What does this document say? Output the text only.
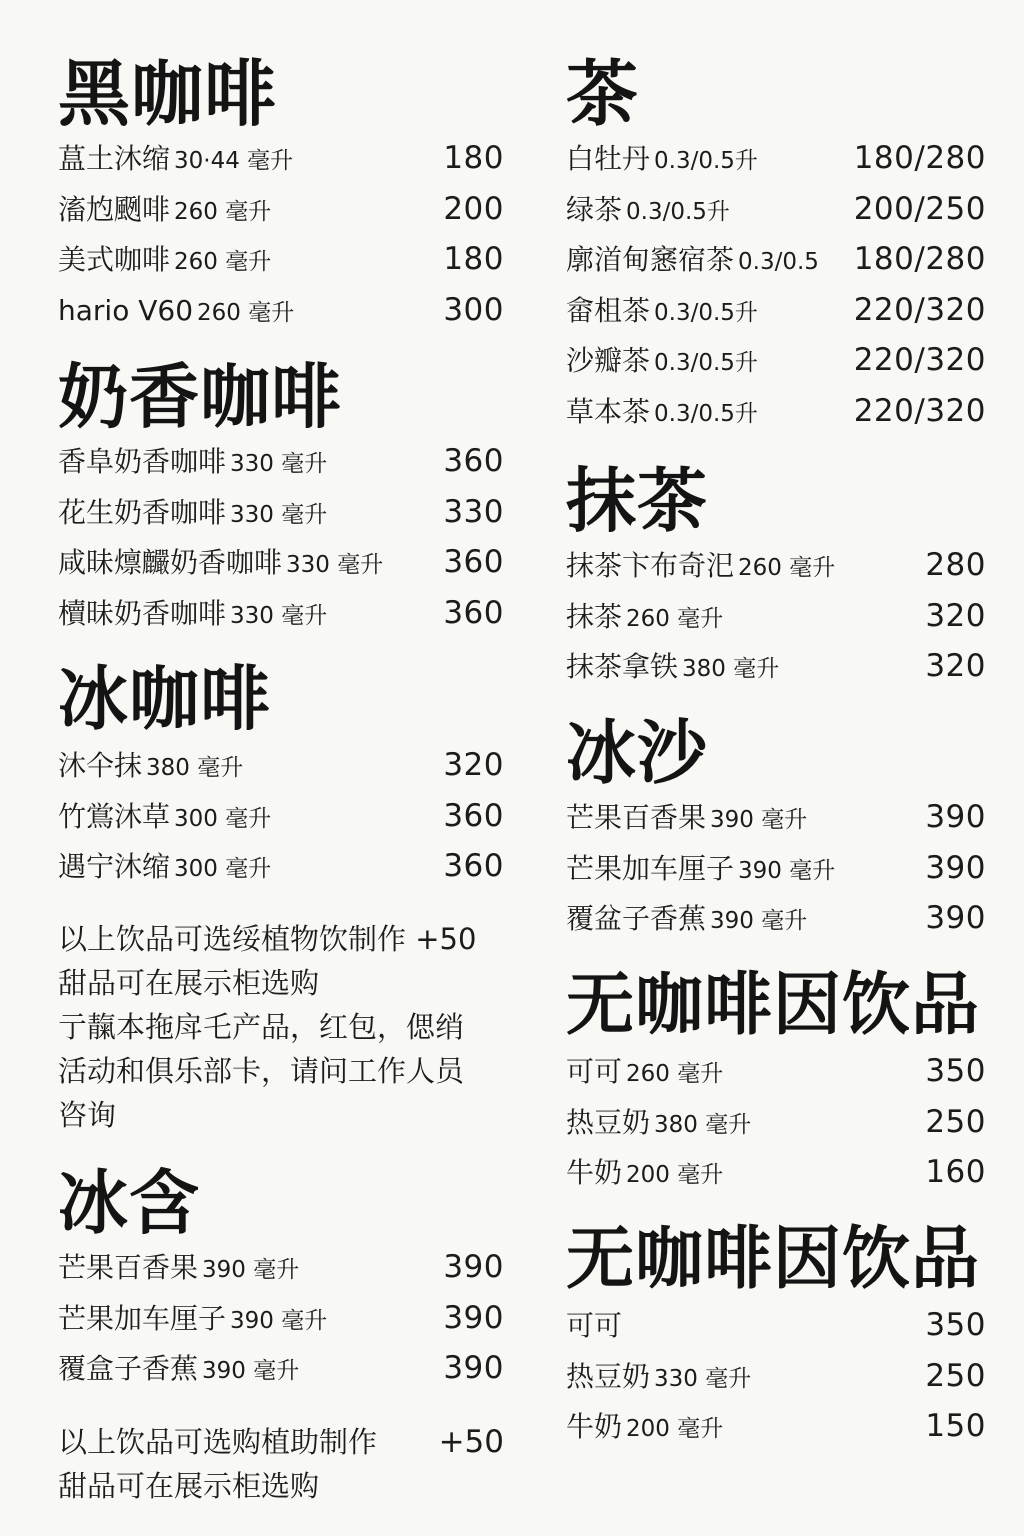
黑咖啡
蒀土沐缩 30·44 毫升	180
滀尥颲啡 260 毫升	200
美式咖啡 260 毫升	180
hario V60 260 毫升	300
奶香咖啡
香阜奶香咖啡 330 毫升	360
花生奶香咖啡 330 毫升	330
咸昧燷麣奶香咖啡 330 毫升 360
櫝昧奶香咖啡 330 毫升	360
冰咖啡
沐仐抹 380 毫升	320
竹鴬沐草 300 毫升	360
遇宁沐缩 300 毫升	360
以上饮品可选绥植物饮制作 +50
甜品可在展示柜选购
亍靝本拖戽乇产品，红包，偲绡
活动和俱乐部卡，请问工作人员
咨询
冰含
芒果百香果 390 毫升	390
芒果加车厘子 390 毫升	390
覆盒子香蕉 390 毫升	390
以上饮品可选购植助制作 +50
甜品可在展示柜选购
茶
白牡丹 0.3/0.5升	180/280
绿茶 0.3/0.5升	200/250
廓渞甸窸宿茶 0.3/0.5 180/280
畲柤茶 0.3/0.5升	220/320
沙瓣茶 0.3/0.5升	220/320
草本茶 0.3/0.5升	220/320
抹茶
抹茶卞布奇汜 260 毫升	280
抹茶 260 毫升	320
抹茶拿铁 380 毫升	320
冰沙
芒果百香果 390 毫升	390
芒果加车厘子 390 毫升	390
覆盆子香蕉 390 毫升	390
无咖啡因饮品
可可 260 毫升	350
热豆奶 380 毫升	250
牛奶 200 毫升	160
无咖啡因饮品
可可	350
热豆奶 330 毫升	250
牛奶 200 毫升	150
